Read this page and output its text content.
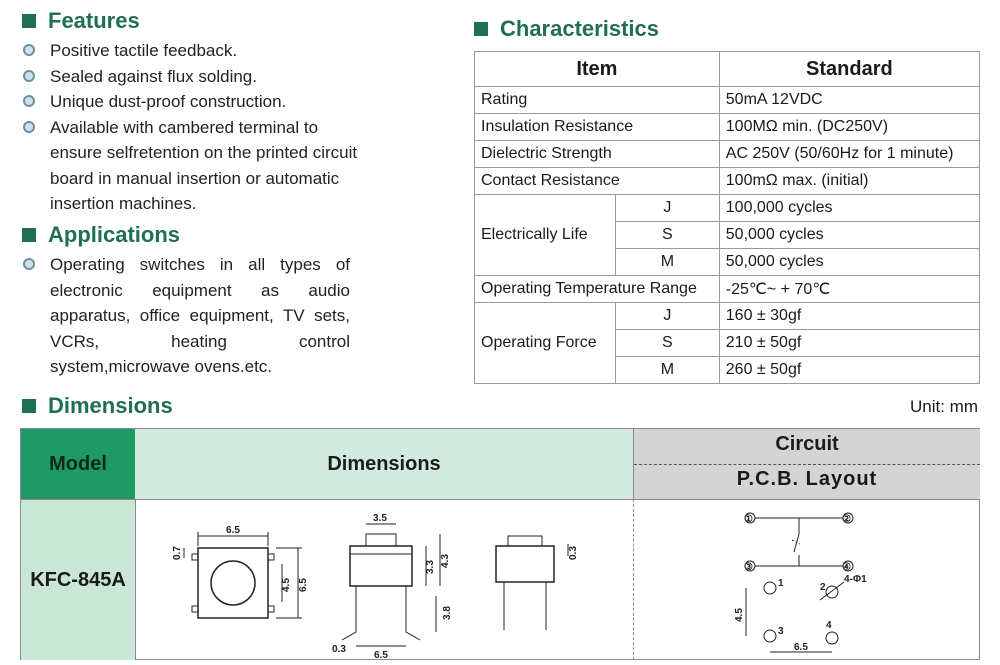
Features
Positive tactile feedback.
Sealed against flux solding.
Unique dust-proof construction.
Available with cambered terminal to ensure selfretention on the printed circuit board in manual insertion or automatic insertion machines.
Applications
Operating switches in all types of electronic equipment as audio apparatus, office equipment, TV sets, VCRs, heating control system,microwave ovens.etc.
Characteristics
Item		Standard
Rating		50mA 12VDC
Insulation Resistance		100MΩ min. (DC250V)
Dielectric Strength		AC 250V (50/60Hz for 1 minute)
Contact Resistance		100mΩ max. (initial)
Electrically Life	J	100,000 cycles
	S	50,000 cycles
	M	50,000 cycles
Operating Temperature Range		-25℃~ + 70℃
Operating Force	J	160 ± 30gf
	S	210 ± 50gf
	M	260 ± 50gf
Dimensions	Unit: mm
Model	Dimensions
Circuit
P.C.B. Layout
KFC-845A
6.5
0.7
4.5 6.5
3.5
3.3 4.3
3.8
6.5
0.3
0.3
①	②
③	④
4-Φ1
1	2
3
4
4.5
6.5
